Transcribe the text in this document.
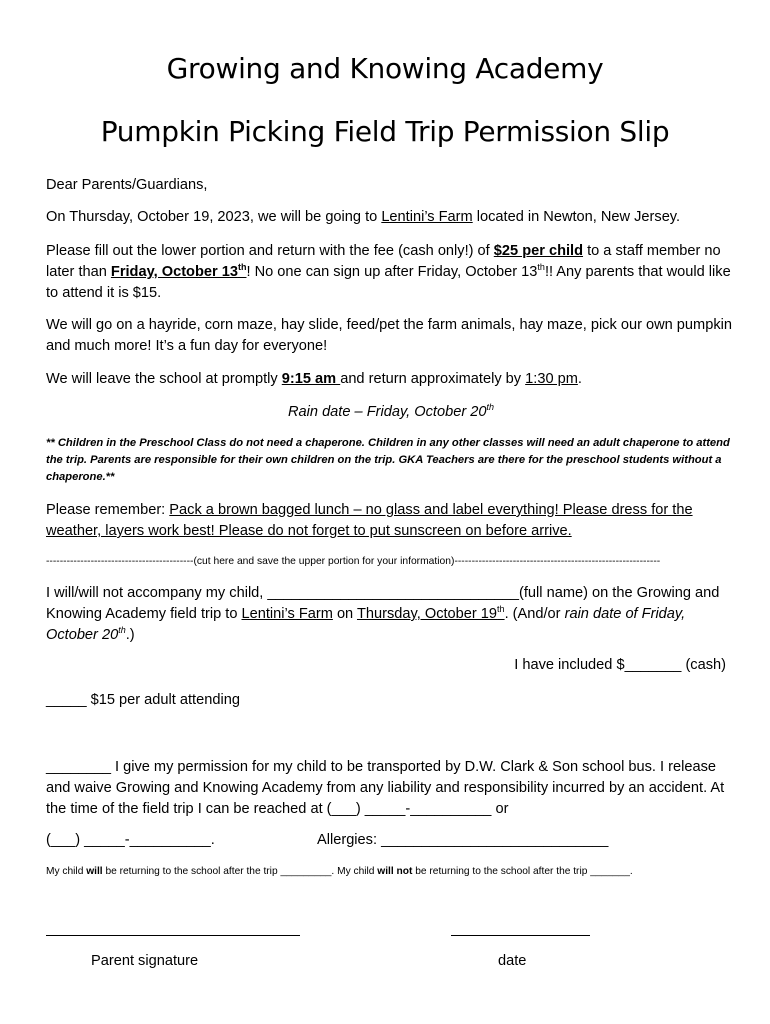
Growing and Knowing Academy
Pumpkin Picking Field Trip Permission Slip
Dear Parents/Guardians,
On Thursday, October 19, 2023, we will be going to Lentini’s Farm located in Newton, New Jersey.
Please fill out the lower portion and return with the fee (cash only!) of $25 per child to a staff member no later than Friday, October 13th! No one can sign up after Friday, October 13th!! Any parents that would like to attend it is $15.
We will go on a hayride, corn maze, hay slide, feed/pet the farm animals, hay maze, pick our own pumpkin and much more! It’s a fun day for everyone!
We will leave the school at promptly 9:15 am and return approximately by 1:30 pm.
Rain date – Friday, October 20th
** Children in the Preschool Class do not need a chaperone. Children in any other classes will need an adult chaperone to attend the trip. Parents are responsible for their own children on the trip. GKA Teachers are there for the preschool students without a chaperone.**
Please remember: Pack a brown bagged lunch – no glass and label everything! Please dress for the weather, layers work best! Please do not forget to put sunscreen on before arrive.
-------------------------------------------(cut here and save the upper portion for your information)------------------------------------------------------------
I will/will not accompany my child, _______________________________(full name) on the Growing and Knowing Academy field trip to Lentini’s Farm on Thursday, October 19th. (And/or rain date of Friday, October 20th.)
I have included $_______ (cash)
_____ $15 per adult attending
________ I give my permission for my child to be transported by D.W. Clark & Son school bus. I release and waive Growing and Knowing Academy from any liability and responsibility incurred by an accident. At the time of the field trip I can be reached at (___) _____-__________ or
(___) _____-__________.	Allergies: ____________________________
My child will be returning to the school after the trip _________. My child will not be returning to the school after the trip _______.
Parent signature	date
